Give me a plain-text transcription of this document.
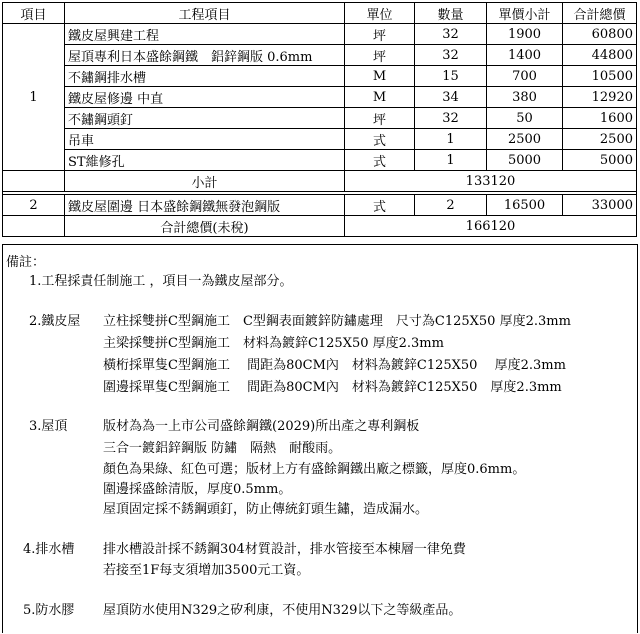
項目	工程項目	單位	數量	單價小計	合計總價
1	鐵皮屋興建工程	坪	32	1900	60800
	屋頂專利日本盛餘鋼鐵　鋁鋅鋼版 0.6mm	坪	32	1400	44800
	不鏽鋼排水槽	M	15	700	10500
	鐵皮屋修邊 中直	M	34	380	12920
	不鏽鋼頭釘	坪	32	50	1600
	吊車	式	1	2500	2500
	ST維修孔	式	1	5000	5000
	小計	133120			

2	鐵皮屋圍邊 日本盛餘鋼鐵無發泡鋼版	式	2	16500	33000
	合計總價(未稅)	166120			
備註：
1.工程採責任制施工 ，項目一為鐵皮屋部分。
2.鐵皮屋 立柱採雙拼C型鋼施工　C型鋼表面鍍鋅防鏽處理　尺寸為C125X50 厚度2.3mm
主梁採雙拼C型鋼施工　材料為鍍鋅C125X50 厚度2.3mm
橫桁採單隻C型鋼施工　 間距為80CM內　材料為鍍鋅C125X50　 厚度2.3mm
圍邊採單隻C型鋼施工　 間距為80CM內　材料為鍍鋅C125X50　厚度2.3mm
3.屋頂	版材為為一上市公司盛餘鋼鐵(2029)所出產之專利鋼板
三合一鍍鋁鋅鋼版 防鏽　隔熱　耐酸雨。
顏色為果綠、紅色可選；版材上方有盛餘鋼鐵出廠之標籤，厚度0.6mm。
圍邊採盛餘清版，厚度0.5mm。
屋頂固定採不銹鋼頭釘，防止傳統釘頭生鏽，造成漏水。
4.排水槽 排水槽設計採不銹鋼304材質設計，排水管接至本棟層一律免費
若接至1F每支須增加3500元工資。
5.防水膠 屋頂防水使用N329之矽利康，不使用N329以下之等級產品。
